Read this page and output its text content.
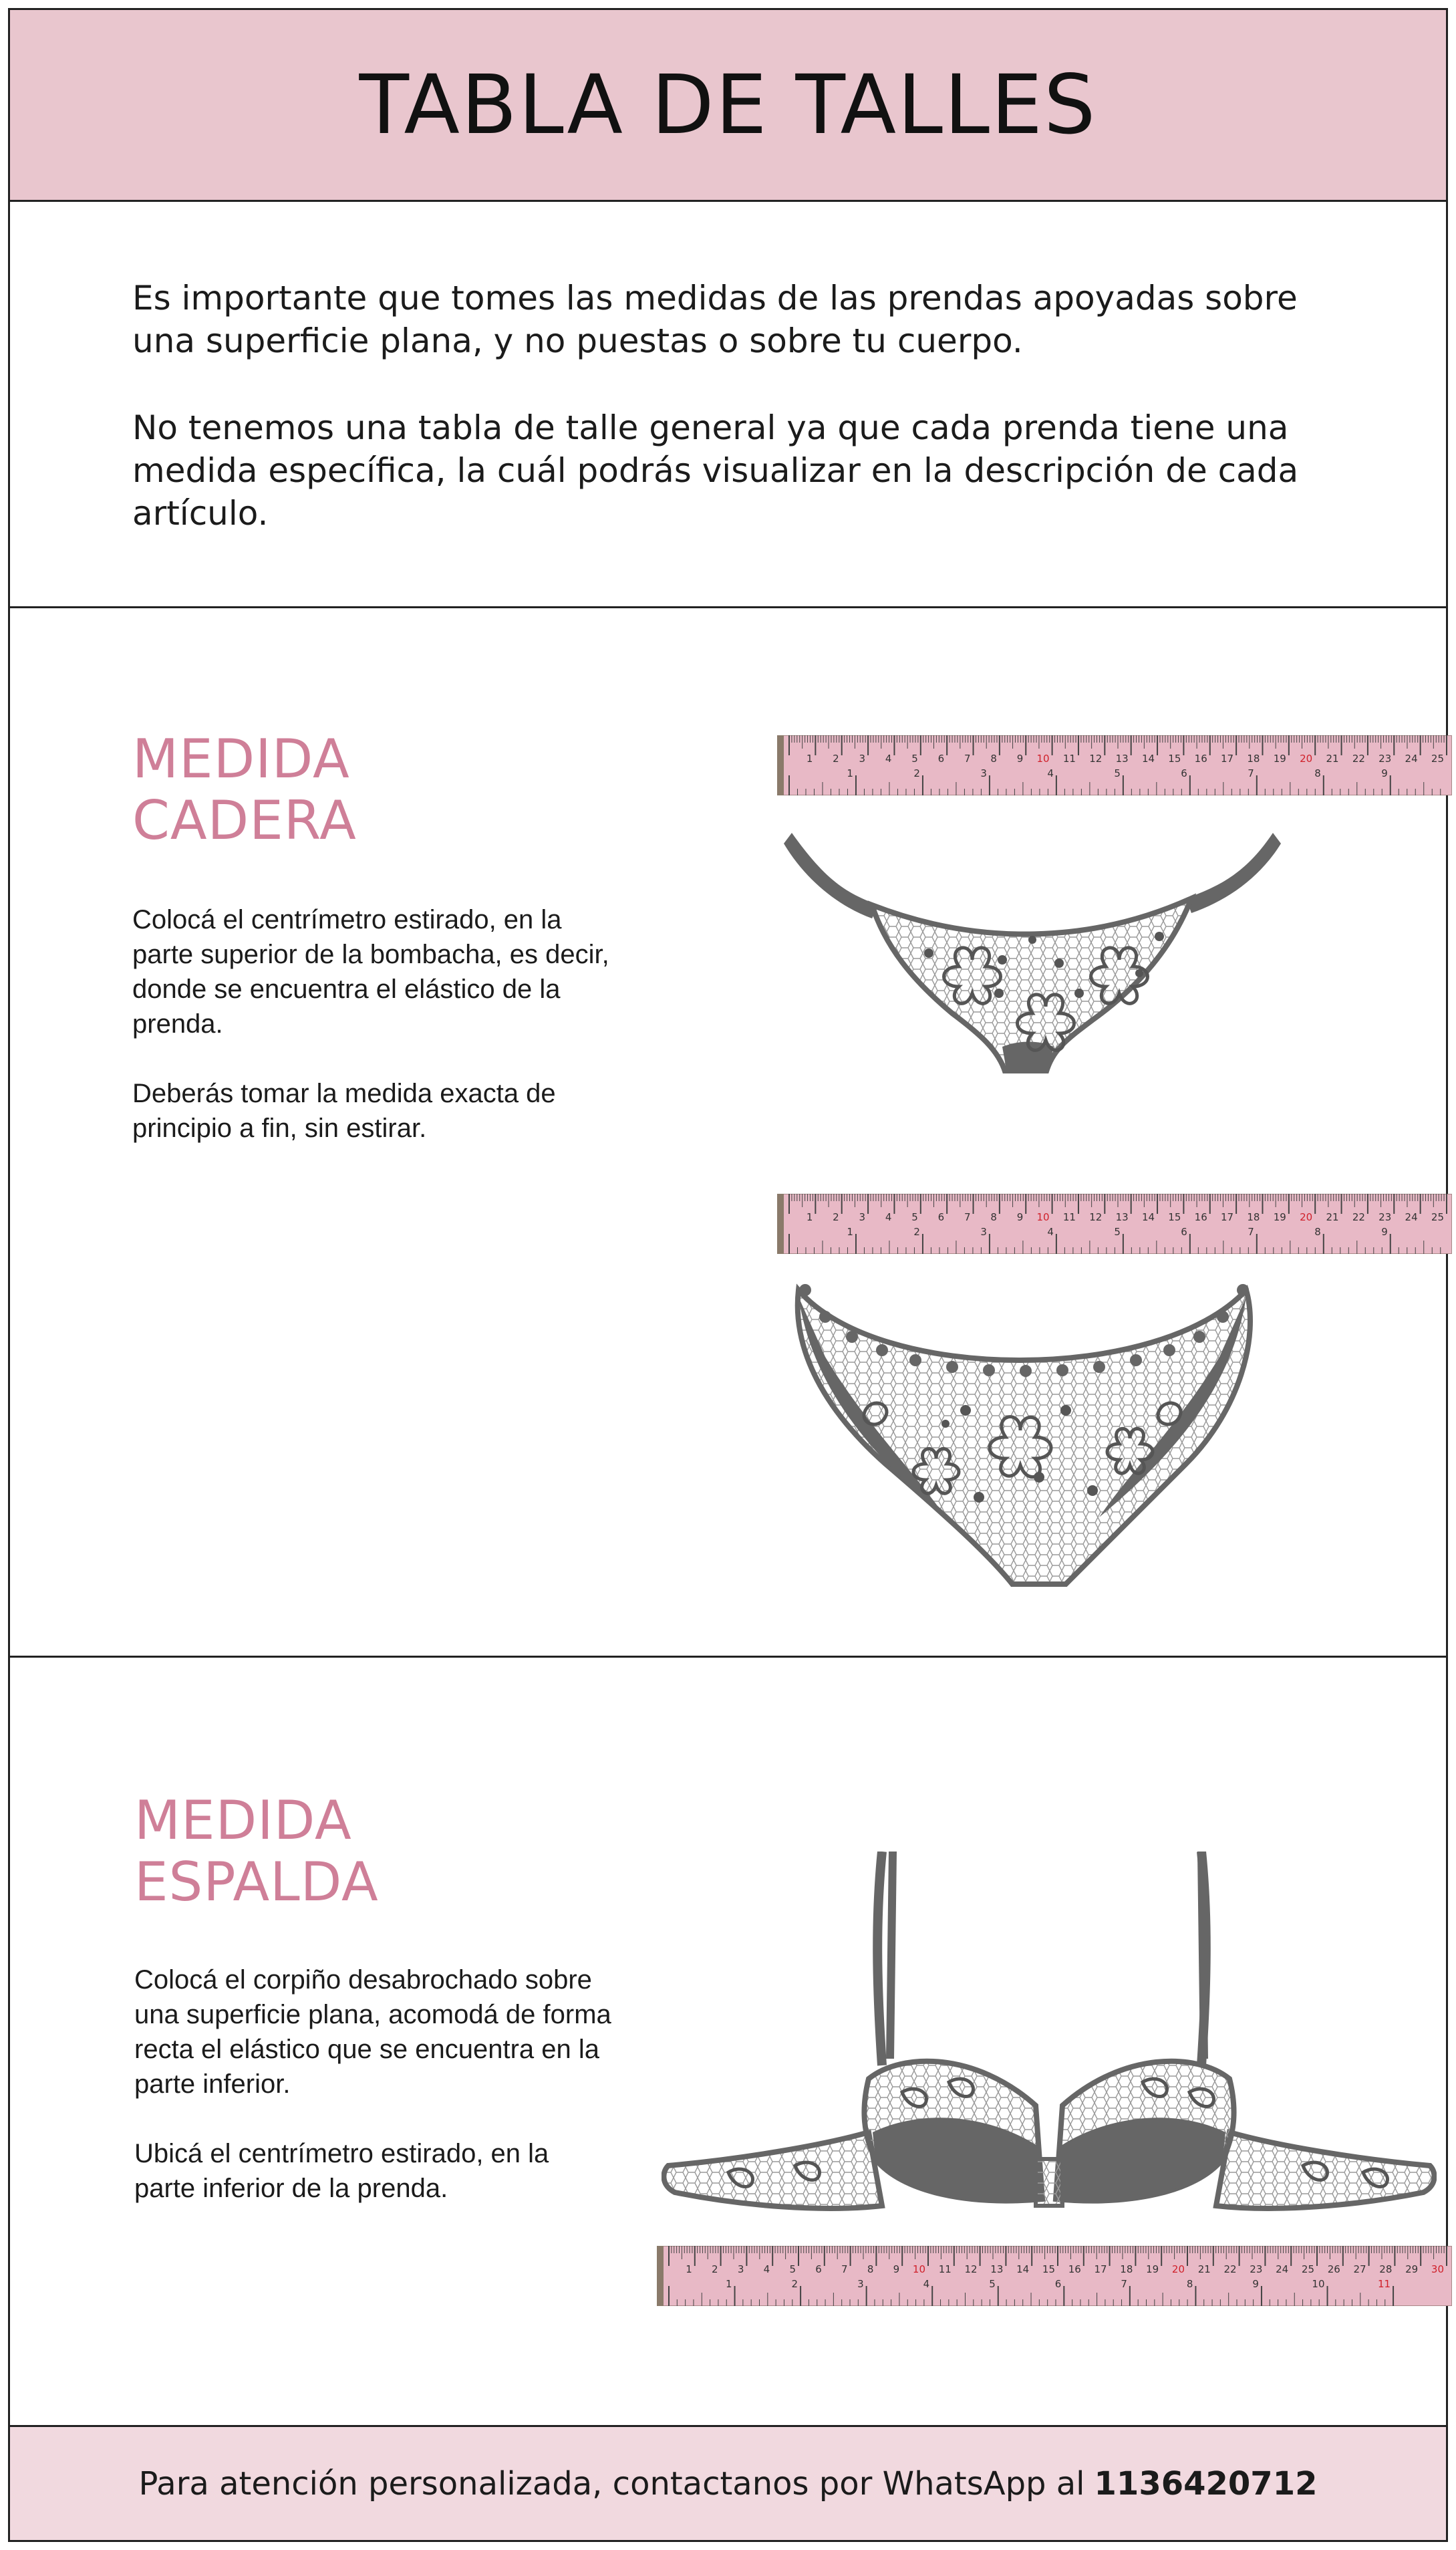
TABLA DE TALLES

Es importante que tomes las medidas de las prendas apoyadas sobre una superficie plana, y no puestas o sobre tu cuerpo.

No tenemos una tabla de talle general ya que cada prenda tiene una medida específica, la cuál podrás visualizar en la descripción de cada artículo.

MEDIDA
CADERA

Colocá el centrímetro estirado, en la parte superior de la bombacha, es decir, donde se encuentra el elástico de la prenda.

Deberás tomar la medida exacta de principio a fin, sin estirar.

1 2 3 4 5 6 7 8 9 10 11 12 13 14 15 16 17 18 19 20 21 22 23 24 25
1	2	3	4	5	6	7	8	9
1 2 3 4 5 6 7 8 9 10 11 12 13 14 15 16 17 18 19 20 21 22 23 24 25
1	2	3	4	5	6	7	8	9
MEDIDA
ESPALDA

Colocá el corpiño desabrochado sobre una superficie plana, acomodá de forma recta el elástico que se encuentra en la parte inferior.

Ubicá el centrímetro estirado, en la parte inferior de la prenda.

1 2 3 4 5 6 7 8 9 10 11 12 13 14 15 16 17 18 19 20 21 22 23 24 25 26 27 28 29 30
1	2	3	4	5	6	7	8	9	10	11
Para atención personalizada, contactanos por WhatsApp al 1136420712
